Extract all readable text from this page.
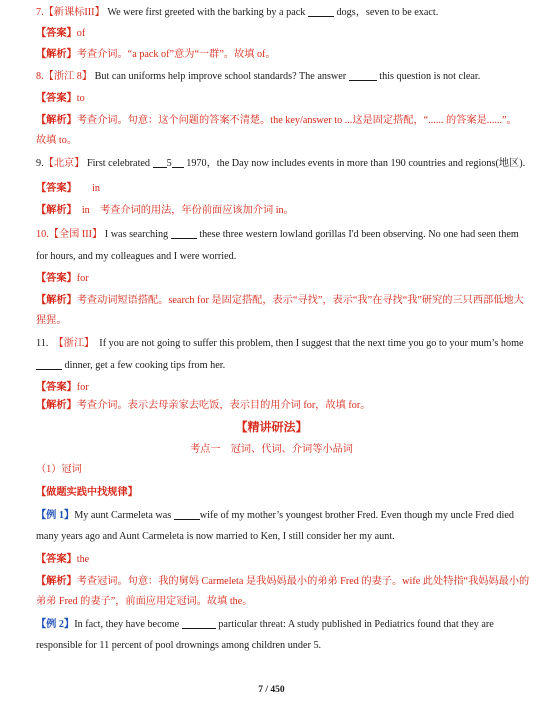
7.【新课标III】 We were first greeted with the barking by a pack	dogs，seven to be exact.
【答案】of
【解析】考查介词。“a pack of”意为“一群”。故填 of。
8.【浙江 8】 But can uniforms help improve school standards? The answer	this question is not clear.
【答案】to
【解析】考查介词。句意：这个问题的答案不清楚。the key/answer to ...这是固定搭配，“...... 的答案是......”。
故填 to。
9.【北京】 First celebrated 5 1970，the Day now includes events in more than 190 countries and regions(地区).
【答案】   in
【解析】  in　考查介词的用法，年份前面应该加介词 in。
10.【全国 III】 I was searching	these three western lowland gorillas I'd been observing. No one had seen them
for hours, and my colleagues and I were worried.
【答案】for
【解析】考查动词短语搭配。search for 是固定搭配，表示“寻找”，表示“我”在寻找“我”研究的三只西部低地大
猩猩。
11.  【浙江】  If you are not going to suffer this problem, then I suggest that the next time you go to your mum’s home
dinner, get a few cooking tips from her.
【答案】for
【解析】考查介词。表示去母亲家去吃饭，表示目的用介词 for，故填 for。
【精讲研法】
考点一　冠词、代词、介词等小品词
（1）冠词
【做题实践中找规律】
【例 1】My aunt Carmeleta was	wife of my mother’s youngest brother Fred. Even though my uncle Fred died
many years ago and Aunt Carmeleta is now married to Ken, I still consider her my aunt.
【答案】the
【解析】考查冠词。句意：我的舅妈 Carmeleta 是我妈妈最小的弟弟 Fred 的妻子。wife 此处特指“我妈妈最小的
弟弟 Fred 的妻子”，前面应用定冠词。故填 the。
【例 2】In fact, they have become	particular threat: A study published in Pediatrics found that they are
responsible for 11 percent of pool drownings among children under 5.
7 / 450
